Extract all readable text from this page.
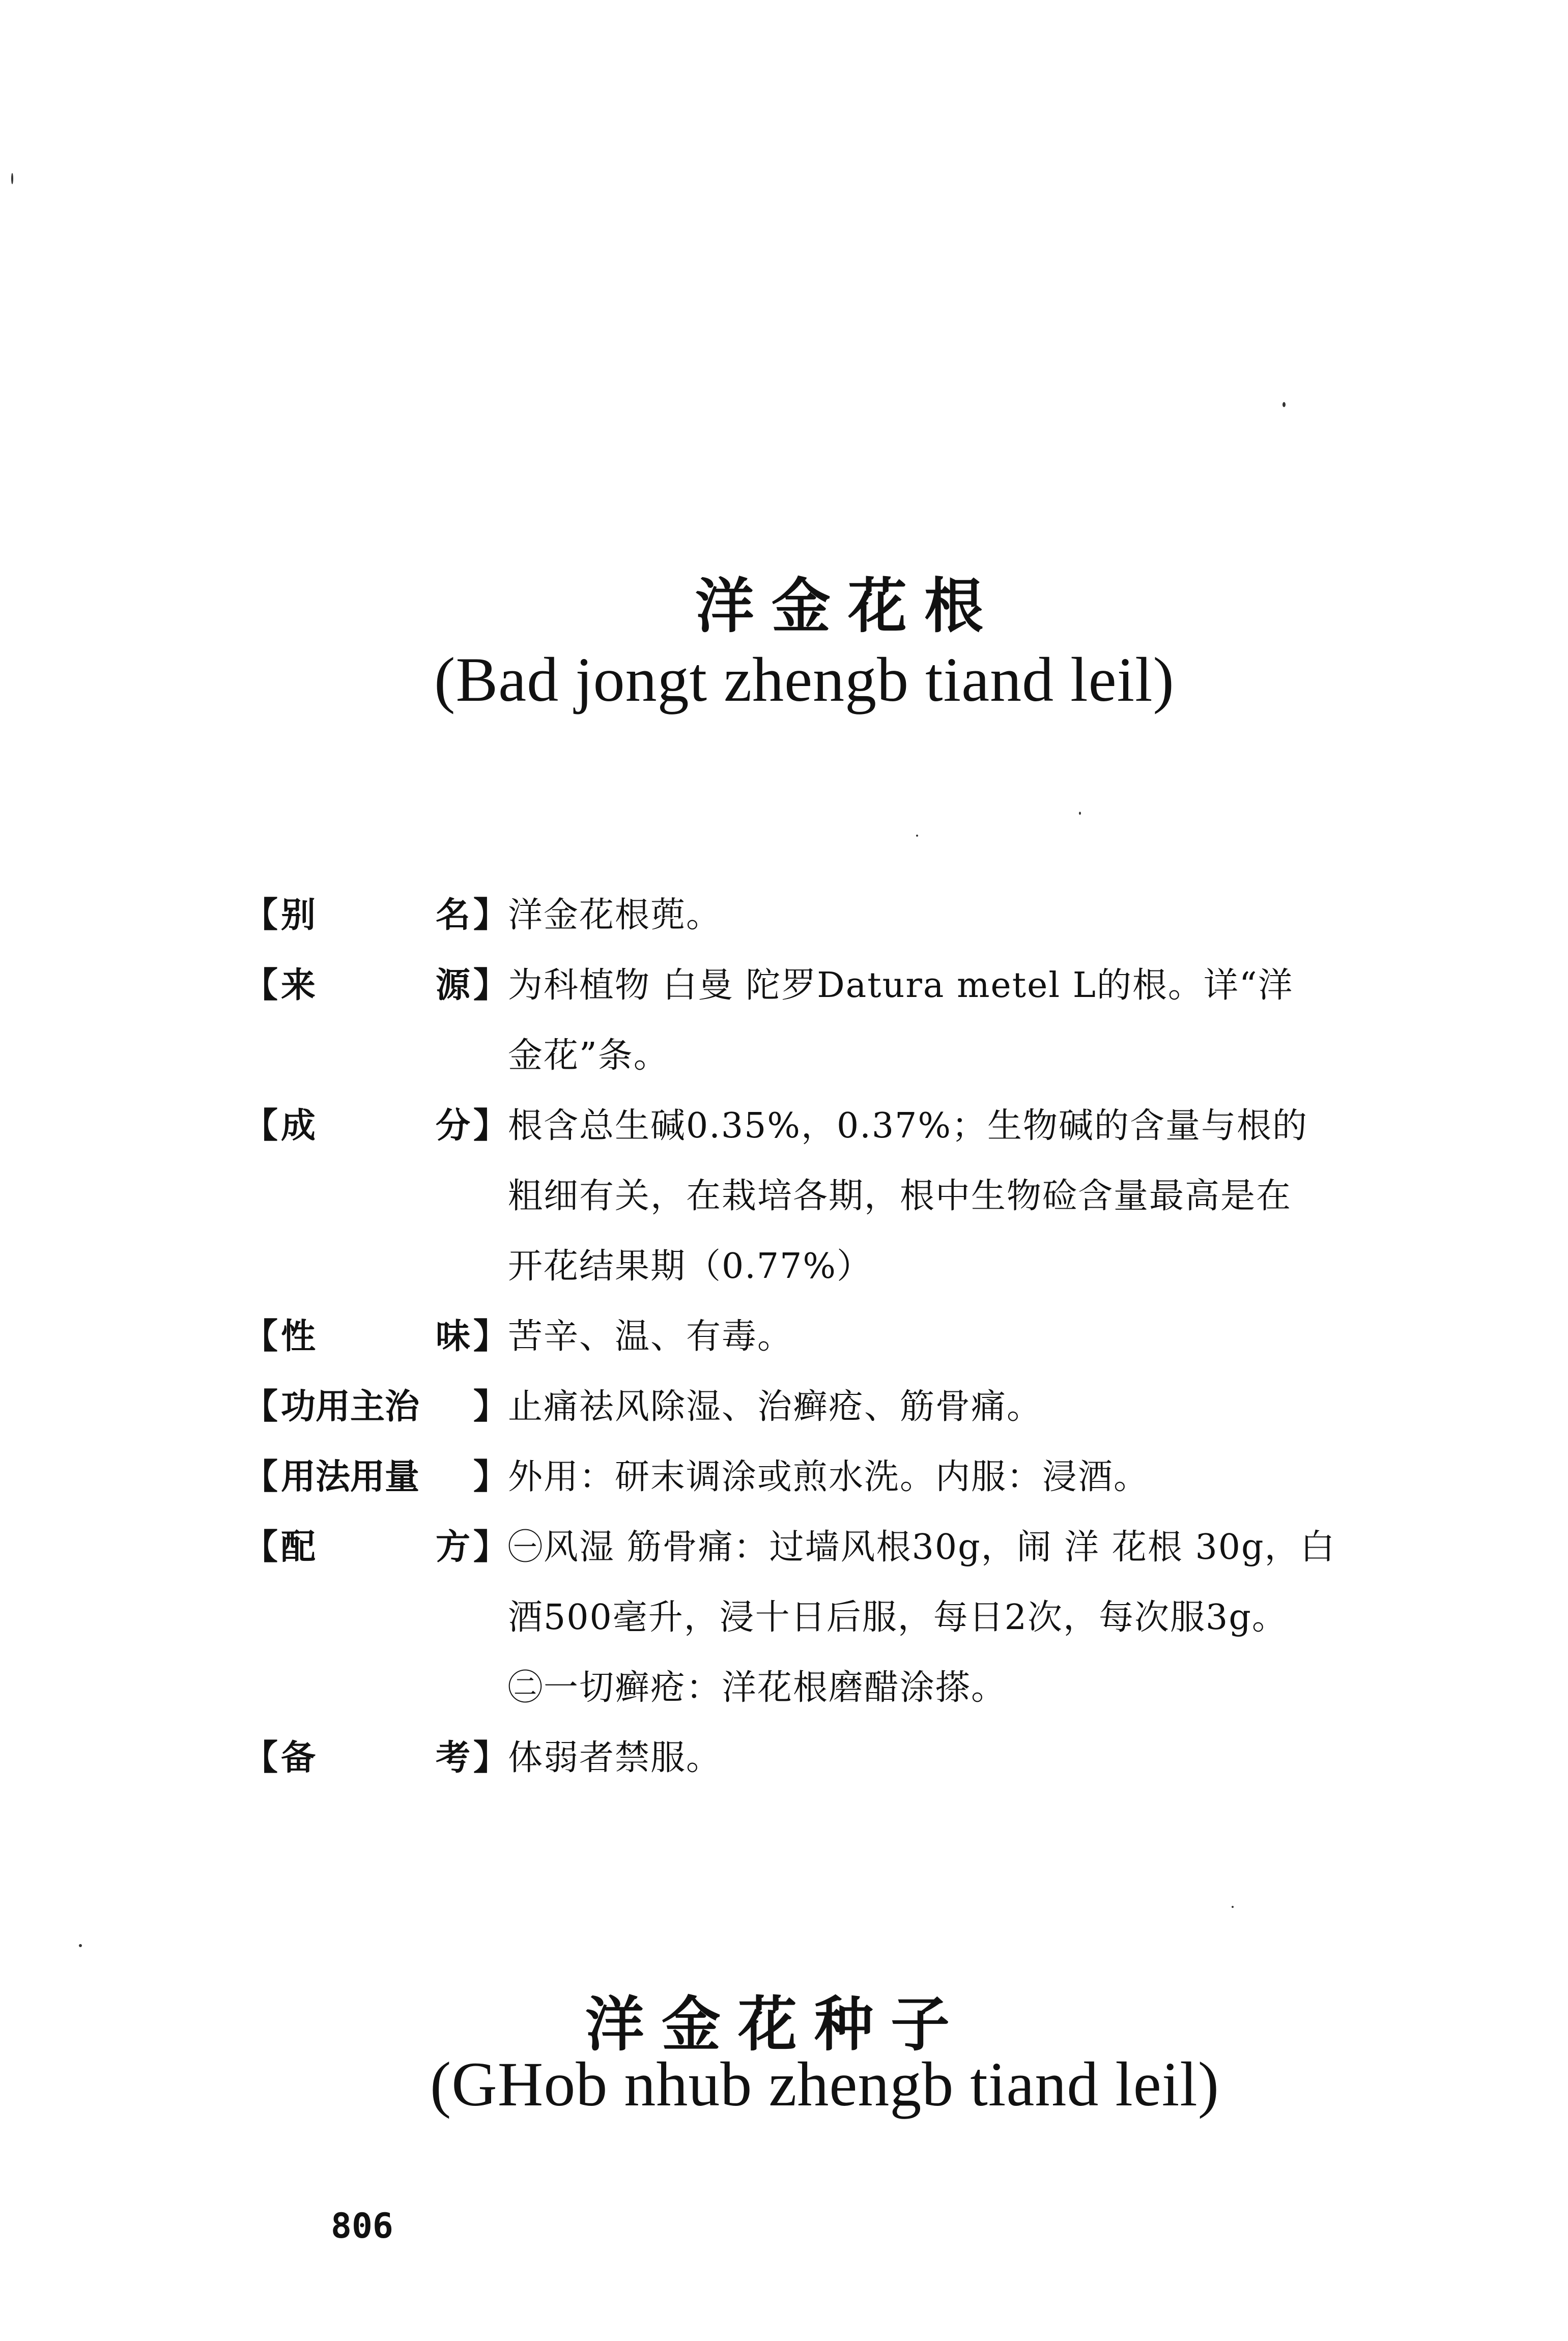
洋金花根
(Bad jongt zhengb tiand leil)
【 别	名 】 洋金花根蔸。
【 来	源 】 为科植物 白曼 陀罗Datura metel L的根。详“洋
金花”条。
【 成	分 】 根含总生碱0.35%，0.37%；生物碱的含量与根的
粗细有关，在栽培各期，根中生物硷含量最高是在
开花结果期（0.77%）
【 性	味 】 苦辛、温、有毒。
【 功用主治 】 止痛祛风除湿、治癣疮、筋骨痛。
【 用法用量 】 外用：研末调涂或煎水洗。内服：浸酒。
【 配	方 】 ㊀风湿 筋骨痛：过墙风根30g，闹 洋 花根 30g，白
酒500毫升，浸十日后服，每日2次，每次服3g。
㊁一切癣疮：洋花根磨醋涂搽。
【 备	考 】 体弱者禁服。
洋金花种子
(GHob nhub zhengb tiand leil)
806
